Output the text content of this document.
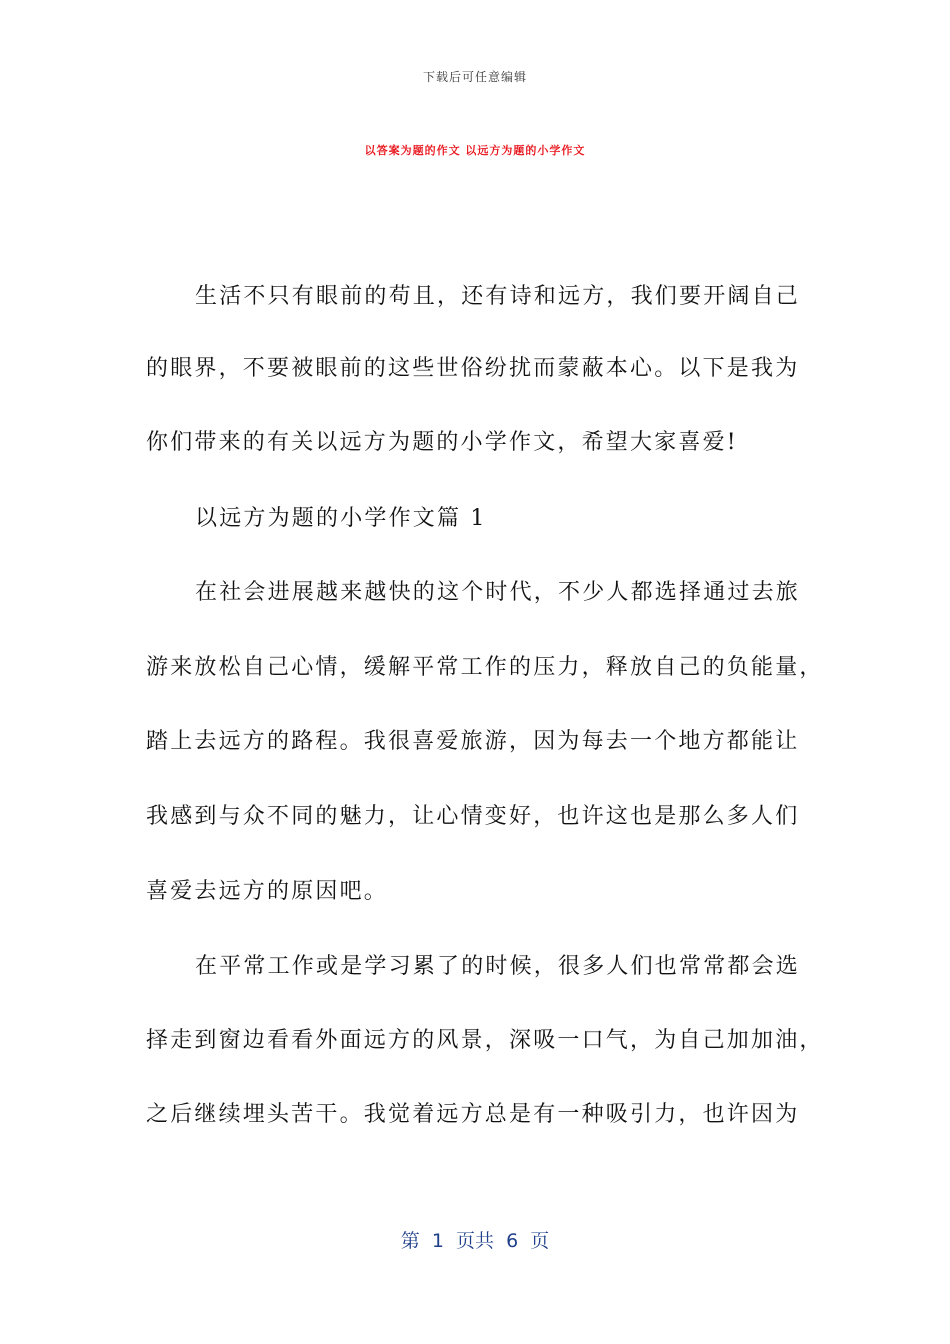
下载后可任意编辑
以答案为题的作文 以远方为题的小学作文
生活不只有眼前的苟且，还有诗和远方，我们要开阔自己
的眼界，不要被眼前的这些世俗纷扰而蒙蔽本心。以下是我为
你们带来的有关以远方为题的小学作文，希望大家喜爱!
以远方为题的小学作文篇 1
在社会进展越来越快的这个时代，不少人都选择通过去旅
游来放松自己心情，缓解平常工作的压力，释放自己的负能量，
踏上去远方的路程。我很喜爱旅游，因为每去一个地方都能让
我感到与众不同的魅力，让心情变好，也许这也是那么多人们
喜爱去远方的原因吧。
在平常工作或是学习累了的时候，很多人们也常常都会选
择走到窗边看看外面远方的风景，深吸一口气，为自己加加油，
之后继续埋头苦干。我觉着远方总是有一种吸引力，也许因为
第  1  页共  6  页
